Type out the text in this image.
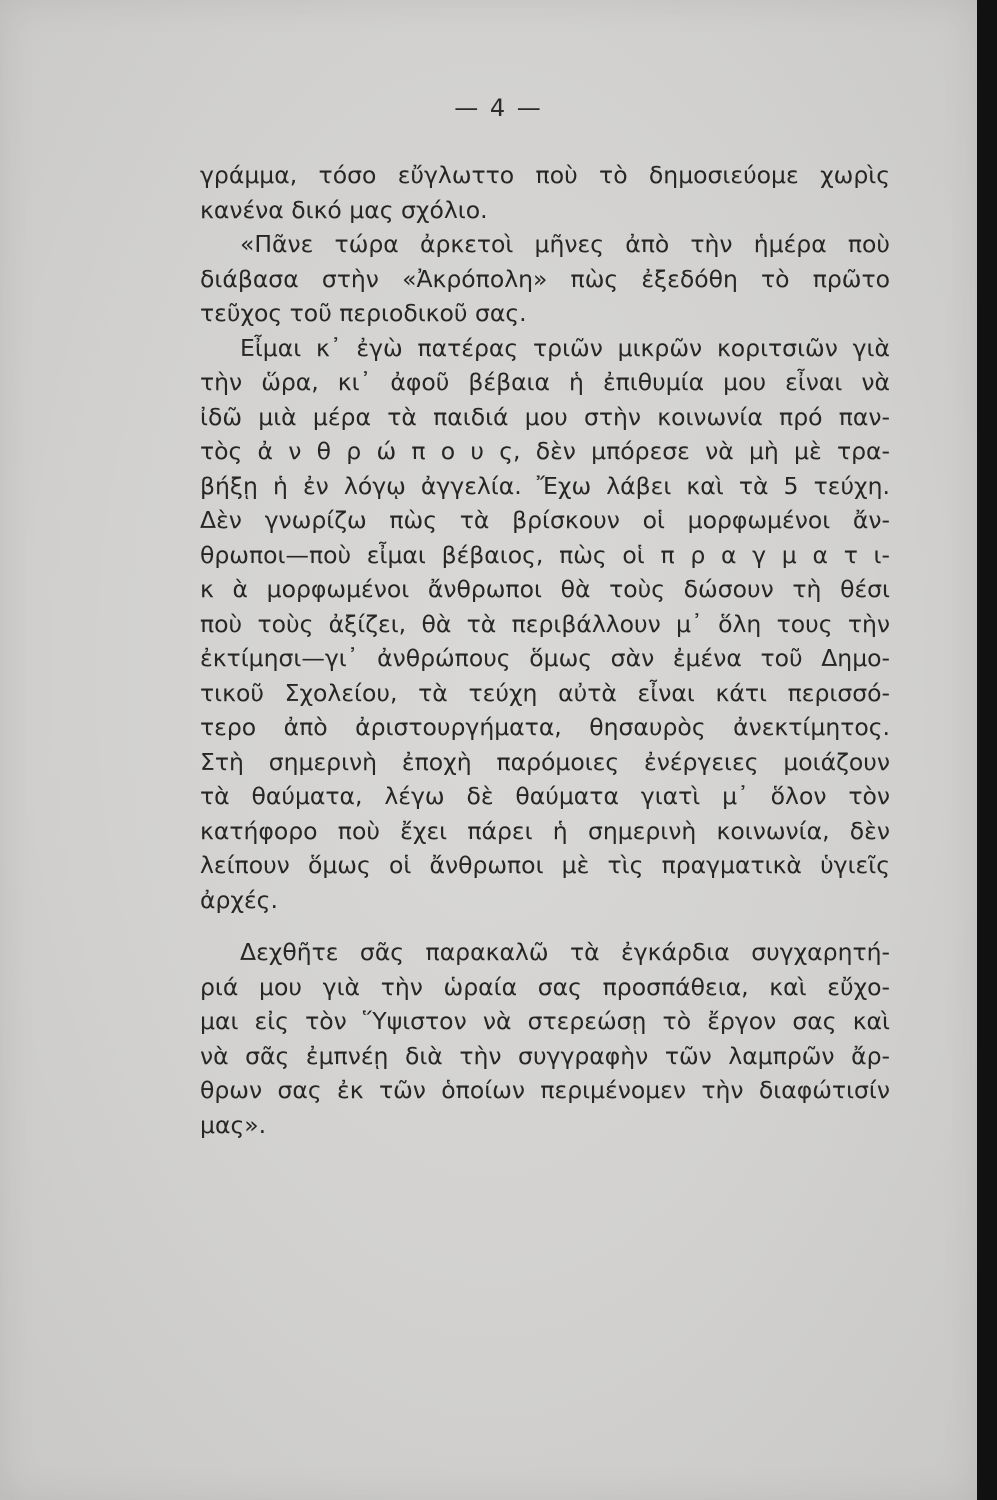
— 4 —
γράμμα, τόσο εὔγλωττο ποὺ τὸ δημοσιεύομε χωρὶς
κανένα δικό μας σχόλιο.
«Πᾶνε τώρα ἀρκετοὶ μῆνες ἀπὸ τὴν ἡμέρα ποὺ
διάβασα στὴν «Ἀκρόπολη» πὼς ἐξεδόθη τὸ πρῶτο
τεῦχος τοῦ περιοδικοῦ σας.
Εἶμαι κ᾿ ἐγὼ πατέρας τριῶν μικρῶν κοριτσιῶν γιὰ
τὴν ὥρα, κι᾿ ἀφοῦ βέβαια ἡ ἐπιθυμία μου εἶναι νὰ
ἰδῶ μιὰ μέρα τὰ παιδιά μου στὴν κοινωνία πρό παν-
τὸς ἀ ν θ ρ ώ π ο υ ς, δὲν μπόρεσε νὰ μὴ μὲ τρα-
βήξῃ ἡ ἐν λόγῳ ἀγγελία. Ἔχω λάβει καὶ τὰ 5 τεύχη.
Δὲν γνωρίζω πὼς τὰ βρίσκουν οἱ μορφωμένοι ἄν-
θρωποι—ποὺ εἶμαι βέβαιος, πὼς οἱ π ρ α γ μ α τ ι-
κ ὰ μορφωμένοι ἄνθρωποι θὰ τοὺς δώσουν τὴ θέσι
ποὺ τοὺς ἀξίζει, θὰ τὰ περιβάλλουν μ᾿ ὅλη τους τὴν
ἐκτίμησι—γι᾿ ἀνθρώπους ὅμως σὰν ἐμένα τοῦ Δημο-
τικοῦ Σχολείου, τὰ τεύχη αὐτὰ εἶναι κάτι περισσό-
τερο ἀπὸ ἀριστουργήματα, θησαυρὸς ἀνεκτίμητος.
Στὴ σημερινὴ ἐποχὴ παρόμοιες ἐνέργειες μοιάζουν
τὰ θαύματα, λέγω δὲ θαύματα γιατὶ μ᾿ ὅλον τὸν
κατήφορο ποὺ ἔχει πάρει ἡ σημερινὴ κοινωνία, δὲν
λείπουν ὅμως οἱ ἄνθρωποι μὲ τὶς πραγματικὰ ὑγιεῖς
ἀρχές.
Δεχθῆτε σᾶς παρακαλῶ τὰ ἐγκάρδια συγχαρητή-
ριά μου γιὰ τὴν ὡραία σας προσπάθεια, καὶ εὔχο-
μαι εἰς τὸν Ὕψιστον νὰ στερεώσῃ τὸ ἔργον σας καὶ
νὰ σᾶς ἐμπνέῃ διὰ τὴν συγγραφὴν τῶν λαμπρῶν ἄρ-
θρων σας ἐκ τῶν ὁποίων περιμένομεν τὴν διαφώτισίν
μας».
